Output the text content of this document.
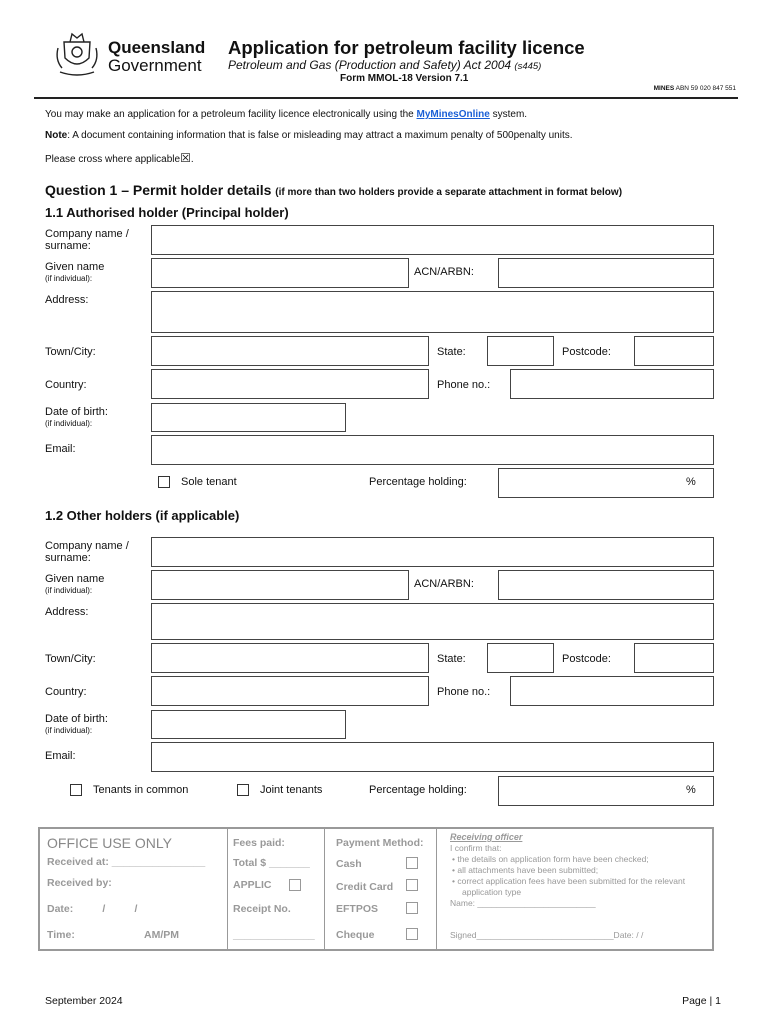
Queensland
Government
Application for petroleum facility licence
Petroleum and Gas (Production and Safety) Act 2004 (s445)
Form MMOL-18 Version 7.1
MINES ABN 59 020 847 551
You may make an application for a petroleum facility licence electronically using the MyMinesOnline system.
Note: A document containing information that is false or misleading may attract a maximum penalty of 500penalty units.
Please cross where applicable☒.
Question 1 – Permit holder details (if more than two holders provide a separate attachment in format below)
1.1 Authorised holder (Principal holder)
Company name /
surname:
Given name
(if individual):
ACN/ARBN:
Address:
Town/City:	State:	Postcode:
Country:	Phone no.:
Date of birth:
(if individual):
Email:
Sole tenant	Percentage holding:	%
1.2 Other holders (if applicable)
Company name /
surname:
Given name
(if individual):
ACN/ARBN:
Address:
Town/City:	State:	Postcode:
Country:	Phone no.:
Date of birth:
(if individual):
Email:
Tenants in common	Joint tenants	Percentage holding:	%
OFFICE USE ONLY
Received at: ________________
Received by:
Date:          /          /
Time:	AM/PM
Fees paid:
Total $ _______
APPLIC
Receipt No.
______________
Payment Method:
Cash
Credit Card
EFTPOS
Cheque
Receiving officer
I confirm that:
• the details on application form have been checked;
• all attachments have been submitted;
• correct application fees have been submitted for the relevant application type
Name: _________________________
Signed_____________________________Date: / /
September 2024	Page | 1
